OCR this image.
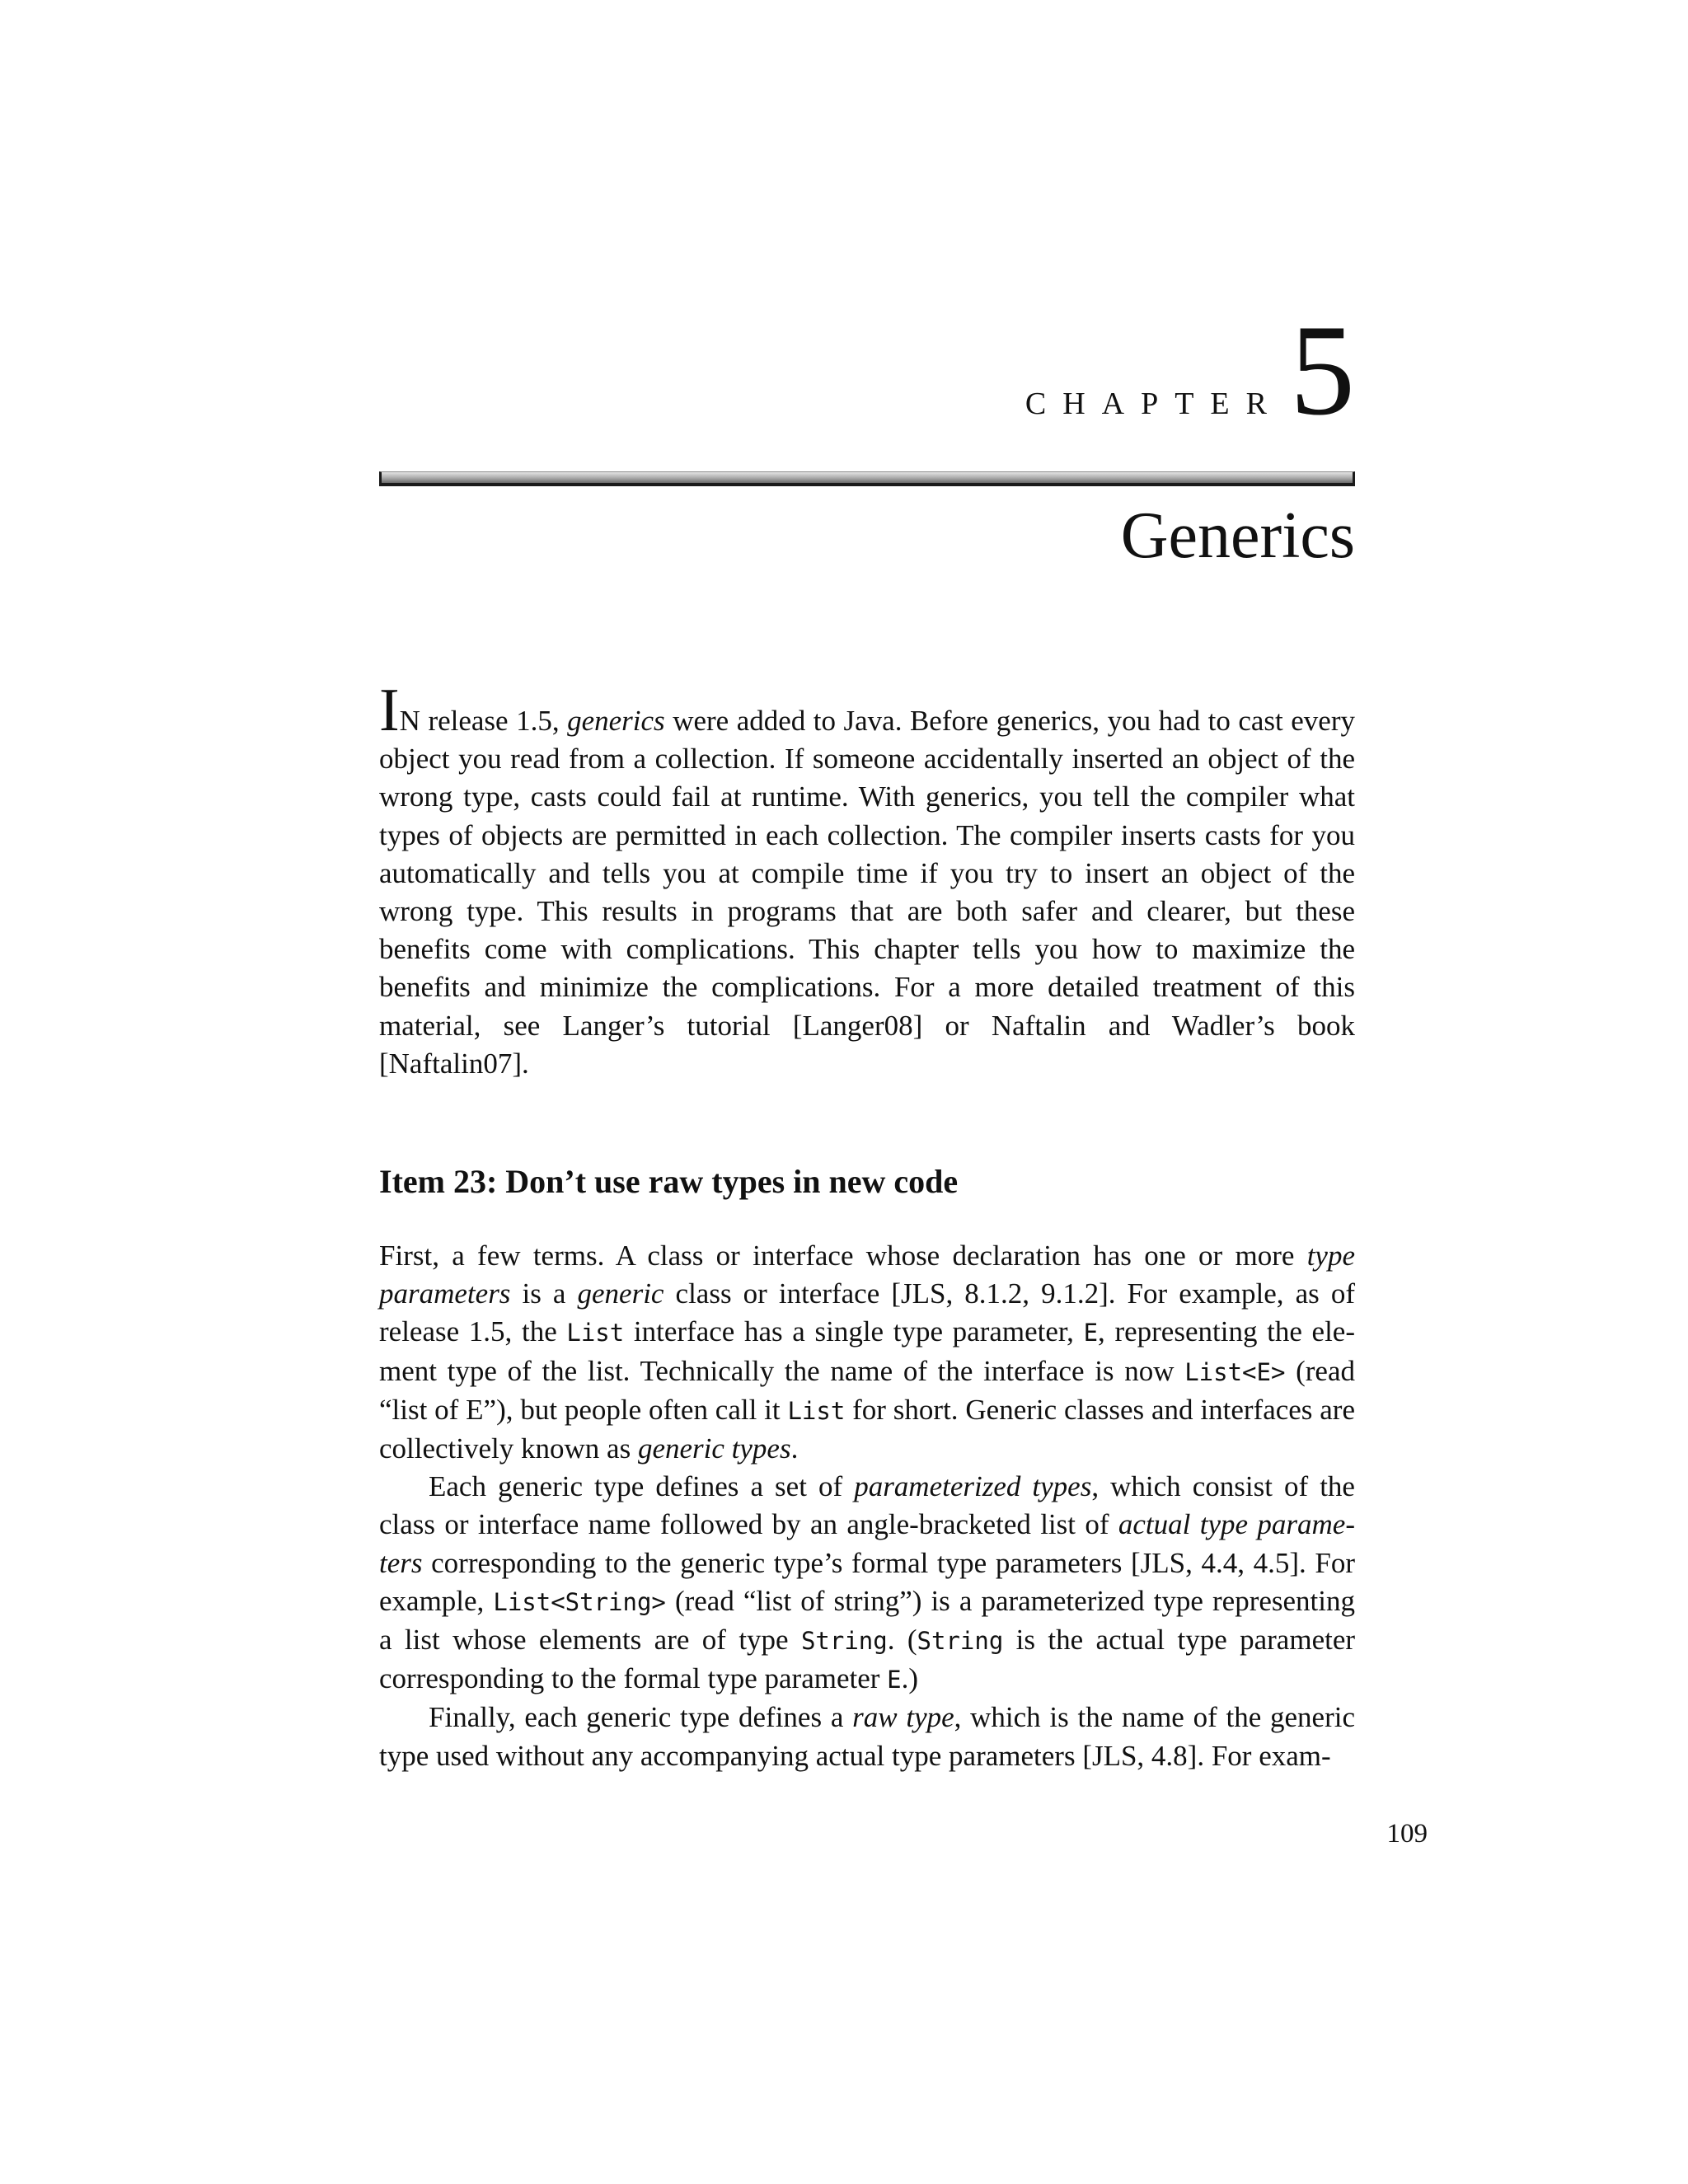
CHAPTER5
Generics

IN release 1.5, generics were added to Java. Before generics, you had to cast every object you read from a collection. If someone accidentally inserted an object of the wrong type, casts could fail at runtime. With generics, you tell the compiler what types of objects are permitted in each collection. The compiler inserts casts for you automatically and tells you at compile time if you try to insert an object of the wrong type. This results in programs that are both safer and clearer, but these benefits come with complications. This chapter tells you how to maximize the benefits and minimize the complications. For a more detailed treatment of this material, see Langer’s tutorial [Langer08] or Naftalin and Wadler’s book [Naftalin07].

Item 23: Don’t use raw types in new code

First, a few terms. A class or interface whose declaration has one or more type parameters is a generic class or interface [JLS, 8.1.2, 9.1.2]. For example, as of release 1.5, the List interface has a single type parameter, E, representing the element type of the list. Technically the name of the interface is now List<E> (read “list of E”), but people often call it List for short. Generic classes and interfaces are collectively known as generic types.

Each generic type defines a set of parameterized types, which consist of the class or interface name followed by an angle-bracketed list of actual type parameters corresponding to the generic type’s formal type parameters [JLS, 4.4, 4.5]. For example, List<String> (read “list of string”) is a parameterized type representing a list whose elements are of type String. (String is the actual type parameter corresponding to the formal type parameter E.)

Finally, each generic type defines a raw type, which is the name of the generic type used without any accompanying actual type parameters [JLS, 4.8]. For exam-

109
